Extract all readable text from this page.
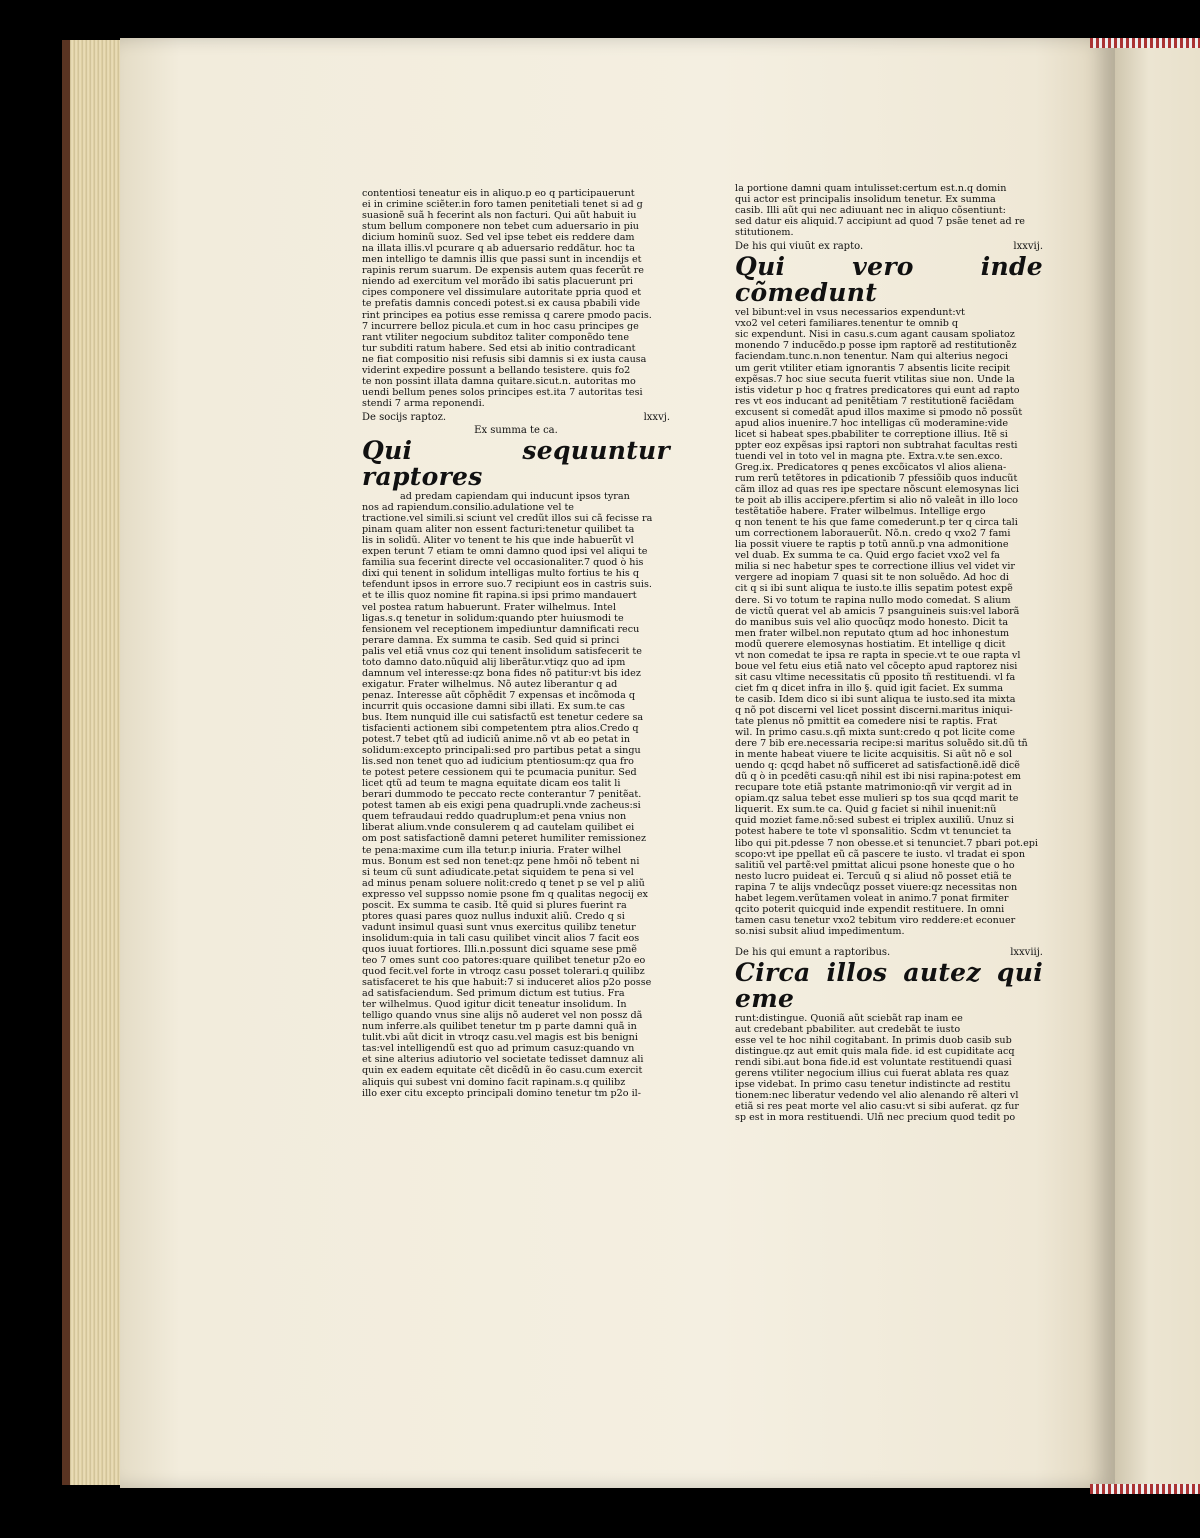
contentiosi teneatur eis in aliquo.p eo q participauerunt
ei in crimine sciẽter.in foro tamen penitetiali tenet si ad g
suasionẽ suã h fecerint als non facturi. Qui aũt habuit iu
stum bellum componere non tebet cum aduersario in piu
dicium hominũ suoz. Sed vel ipse tebet eis reddere dam
na illata illis.vl pcurare q ab aduersario reddãtur. hoc ta
men intelligo te damnis illis que passi sunt in incendijs et
rapinis rerum suarum. De expensis autem quas fecerũt re
niendo ad exercitum vel morãdo ibi satis placuerunt pri
cipes componere vel dissimulare autoritate ppria quod et
te prefatis damnis concedi potest.si ex causa pbabili vide
rint principes ea potius esse remissa q carere pmodo pacis.
7 incurrere belloz picula.et cum in hoc casu principes ge
rant vtiliter negocium subditoz taliter componẽdo tene
tur subditi ratum habere. Sed etsi ab initio contradicant
ne fiat compositio nisi refusis sibi damnis si ex iusta causa
viderint expedire possunt a bellando tesistere. quis fo2
te non possint illata damna quitare.sicut.n. autoritas mo
uendi bellum penes solos principes est.ita 7 autoritas tesi
stendi 7 arma reponendi.

De socijs raptoz.	lxxvj.
Ex summa te ca.
Qui sequuntur raptores

ad predam capiendam qui inducunt ipsos tyran

nos ad rapiendum.consilio.adulatione vel te
tractione.vel simili.si sciunt vel credũt illos sui cã fecisse ra
pinam quam aliter non essent facturi:tenetur quilibet ta
lis in solidũ. Aliter vo tenent te his que inde habuerũt vl
expen terunt 7 etiam te omni damno quod ipsi vel aliqui te
familia sua fecerint directe vel occasionaliter.7 quod ò his
dixi qui tenent in solidum intelligas multo fortius te his q
tefendunt ipsos in errore suo.7 recipiunt eos in castris suis.
et te illis quoz nomine fit rapina.si ipsi primo mandauert
vel postea ratum habuerunt. Frater wilhelmus. Intel
ligas.s.q tenetur in solidum:quando pter huiusmodi te
fensionem vel receptionem impediuntur damnificati recu
perare damna. Ex summa te casib. Sed quid si princi
palis vel etiã vnus coz qui tenent insolidum satisfecerit te
toto damno dato.nũquid alij liberãtur.vtiqz quo ad ipm
damnum vel interesse:qz bona fides nõ patitur:vt bis idez
exigatur. Frater wilhelmus. Nõ autez liberantur q ad
penaz. Interesse aũt cõphẽdit 7 expensas et incõmoda q
incurrit quis occasione damni sibi illati. Ex sum.te cas
bus. Item nunquid ille cui satisfactũ est tenetur cedere sa
tisfacienti actionem sibi competentem ptra alios.Credo q
potest.7 tebet qtũ ad iudiciũ anime.nõ vt ab eo petat in
solidum:excepto principali:sed pro partibus petat a singu
lis.sed non tenet quo ad iudicium ptentiosum:qz qua fro
te potest petere cessionem qui te pcumacia punitur. Sed
licet qtũ ad teum te magna equitate dicam eos talit li
berari dummodo te peccato recte conterantur 7 penitẽat.
potest tamen ab eis exigi pena quadrupli.vnde zacheus:si
quem tefraudaui reddo quadruplum:et pena vnius non
liberat alium.vnde consulerem q ad cautelam quilibet ei
om post satisfactionẽ damni peteret humiliter remissionez
te pena:maxime cum illa tetur.p iniuria. Frater wilhel
mus. Bonum est sed non tenet:qz pene hmõi nõ tebent ni
si teum cũ sunt adiudicate.petat siquidem te pena si vel
ad minus penam soluere nolit:credo q tenet p se vel p aliũ
expresso vel suppsso nomie psone fm q qualitas negocij ex
poscit. Ex summa te casib. Itẽ quid si plures fuerint ra
ptores quasi pares quoz nullus induxit aliũ. Credo q si
vadunt insimul quasi sunt vnus exercitus quilibz tenetur
insolidum:quia in tali casu quilibet vincit alios 7 facit eos
quos iuuat fortiores. Illi.n.possunt dici squame sese pmẽ
teo 7 omes sunt coo patores:quare quilibet tenetur p2o eo
quod fecit.vel forte in vtroqz casu posset tolerari.q quilibz
satisfaceret te his que habuit:7 si induceret alios p2o posse
ad satisfaciendum. Sed primum dictum est tutius. Fra
ter wilhelmus. Quod igitur dicit teneatur insolidum. In
telligo quando vnus sine alijs nõ auderet vel non possz dã
num inferre.als quilibet tenetur tm p parte damni quã in
tulit.vbi aũt dicit in vtroqz casu.vel magis est bis benigni
tas:vel intelligendũ est quo ad primum casuz:quando vn
et sine alterius adiutorio vel societate tedisset damnuz ali
quin ex eadem equitate cẽt dicẽdũ in ẽo casu.cum exercit
aliquis qui subest vni domino facit rapinam.s.q quilibz
illo exer citu excepto principali domino tenetur tm p2o il-

la portione damni quam intulisset:certum est.n.q domin
qui actor est principalis insolidum tenetur. Ex summa
casib. Illi aũt qui nec adiuuant nec in aliquo cõsentiunt:
sed datur eis aliquid.7 accipiunt ad quod 7 psãe tenet ad re
stitutionem.

De his qui viuũt ex rapto.	lxxvij.
Qui vero inde cõmedunt

vel bibunt:vel in vsus necessarios expendunt:vt
vxo2 vel ceteri familiares.tenentur te omnib q
sic expendunt. Nisi in casu.s.cum agant causam spoliatoz
monendo 7 inducẽdo.p posse ipm raptorẽ ad restitutionẽz
faciendam.tunc.n.non tenentur. Nam qui alterius negoci
um gerit vtiliter etiam ignorantis 7 absentis licite recipit
expẽsas.7 hoc siue secuta fuerit vtilitas siue non. Unde la
istis videtur p hoc q fratres predicatores qui eunt ad rapto
res vt eos inducant ad penitẽtiam 7 restitutionẽ faciẽdam
excusent si comedãt apud illos maxime si pmodo nõ possũt
apud alios inuenire.7 hoc intelligas cũ moderamine:vide
licet si habeat spes.pbabiliter te correptione illius. Itẽ si
ppter eoz expẽsas ipsi raptori non subtrahat facultas resti
tuendi vel in toto vel in magna pte. Extra.v.te sen.exco.
Greg.ix. Predicatores q penes excõicatos vl alios aliena-
rum rerũ tetẽtores in pdicationib 7 pfessiõib quos inducũt
cãm illoz ad quas res ipe spectare nõscunt elemosynas lici
te poit ab illis accipere.pfertim si alio nõ valeãt in illo loco
testẽtatiõe habere. Frater wilbelmus. Intellige ergo
q non tenent te his que fame comederunt.p ter q circa tali
um correctionem laborauerũt. Nõ.n. credo q vxo2 7 fami
lia possit viuere te raptis p totũ annũ.p vna admonitione
vel duab. Ex summa te ca. Quid ergo faciet vxo2 vel fa
milia si nec habetur spes te correctione illius vel videt vir
vergere ad inopiam 7 quasi sit te non soluẽdo. Ad hoc di
cit q si ibi sunt aliqua te iusto.te illis sepatim potest expẽ
dere. Si vo totum te rapina nullo modo comedat. S alium
de victũ querat vel ab amicis 7 psanguineis suis:vel laborã
do manibus suis vel alio quocũqz modo honesto. Dicit ta
men frater wilbel.non reputato qtum ad hoc inhonestum
modũ querere elemosynas hostiatim. Et intellige q dicit
vt non comedat te ipsa re rapta in specie.vt te oue rapta vl
boue vel fetu eius etiã nato vel cõcepto apud raptorez nisi
sit casu vltime necessitatis cũ pposito tñ restituendi. vl fa
ciet fm q dicet infra in illo §. quid igit faciet. Ex summa
te casib. Idem dico si ibi sunt aliqua te iusto.sed ita mixta
q nõ pot discerni vel licet possint discerni.maritus iniqui-
tate plenus nõ pmittit ea comedere nisi te raptis. Frat
wil. In primo casu.s.qñ mixta sunt:credo q pot licite come
dere 7 bib ere.necessaria recipe:si maritus soluẽdo sit.dũ tñ
in mente habeat viuere te licite acquisitis. Si aũt nõ e sol
uendo q: qcqd habet nõ sufficeret ad satisfactionẽ.idẽ dicẽ
dũ q ò in pcedẽti casu:qñ nihil est ibi nisi rapina:potest em
recupare tote etiã pstante matrimonio:qñ vir vergit ad in
opiam.qz salua tebet esse mulieri sp tos sua qcqd marit te
liquerit. Ex sum.te ca. Quid g faciet si nihil inuenit:nũ
quid moziet fame.nõ:sed subest ei triplex auxiliũ. Unuz si
potest habere te tote vl sponsalitio. Scdm vt tenunciet ta
libo qui pit.pdesse 7 non obesse.et si tenunciet.7 pbari pot.epi
scopo:vt ipe ppellat eũ cã pascere te iusto. vl tradat ei spon
salitiũ vel partẽ:vel pmittat alicui psone honeste que o ho
nesto lucro puideat ei. Tercuũ q si aliud nõ posset etiã te
rapina 7 te alijs vndecũqz posset viuere:qz necessitas non
habet legem.verũtamen voleat in animo.7 ponat firmiter
qcito poterit quicquid inde expendit restituere. In omni
tamen casu tenetur vxo2 tebitum viro reddere:et econuer
so.nisi subsit aliud impedimentum.

De his qui emunt a raptoribus.	lxxviij.
Circa illos autez qui eme

runt:distingue. Quoniã aũt sciebãt rap inam ee
aut credebant pbabiliter. aut credebãt te iusto
esse vel te hoc nihil cogitabant. In primis duob casib sub
distingue.qz aut emit quis mala fide. id est cupiditate acq
rendi sibi.aut bona fide.id est voluntate restituendi quasi
gerens vtiliter negocium illius cui fuerat ablata res quaz
ipse videbat. In primo casu tenetur indistincte ad restitu
tionem:nec liberatur vedendo vel alio alenando rẽ alteri vl
etiã si res peat morte vel alio casu:vt si sibi auferat. qz fur
sp est in mora restituendi. Ulñ nec precium quod tedit po
